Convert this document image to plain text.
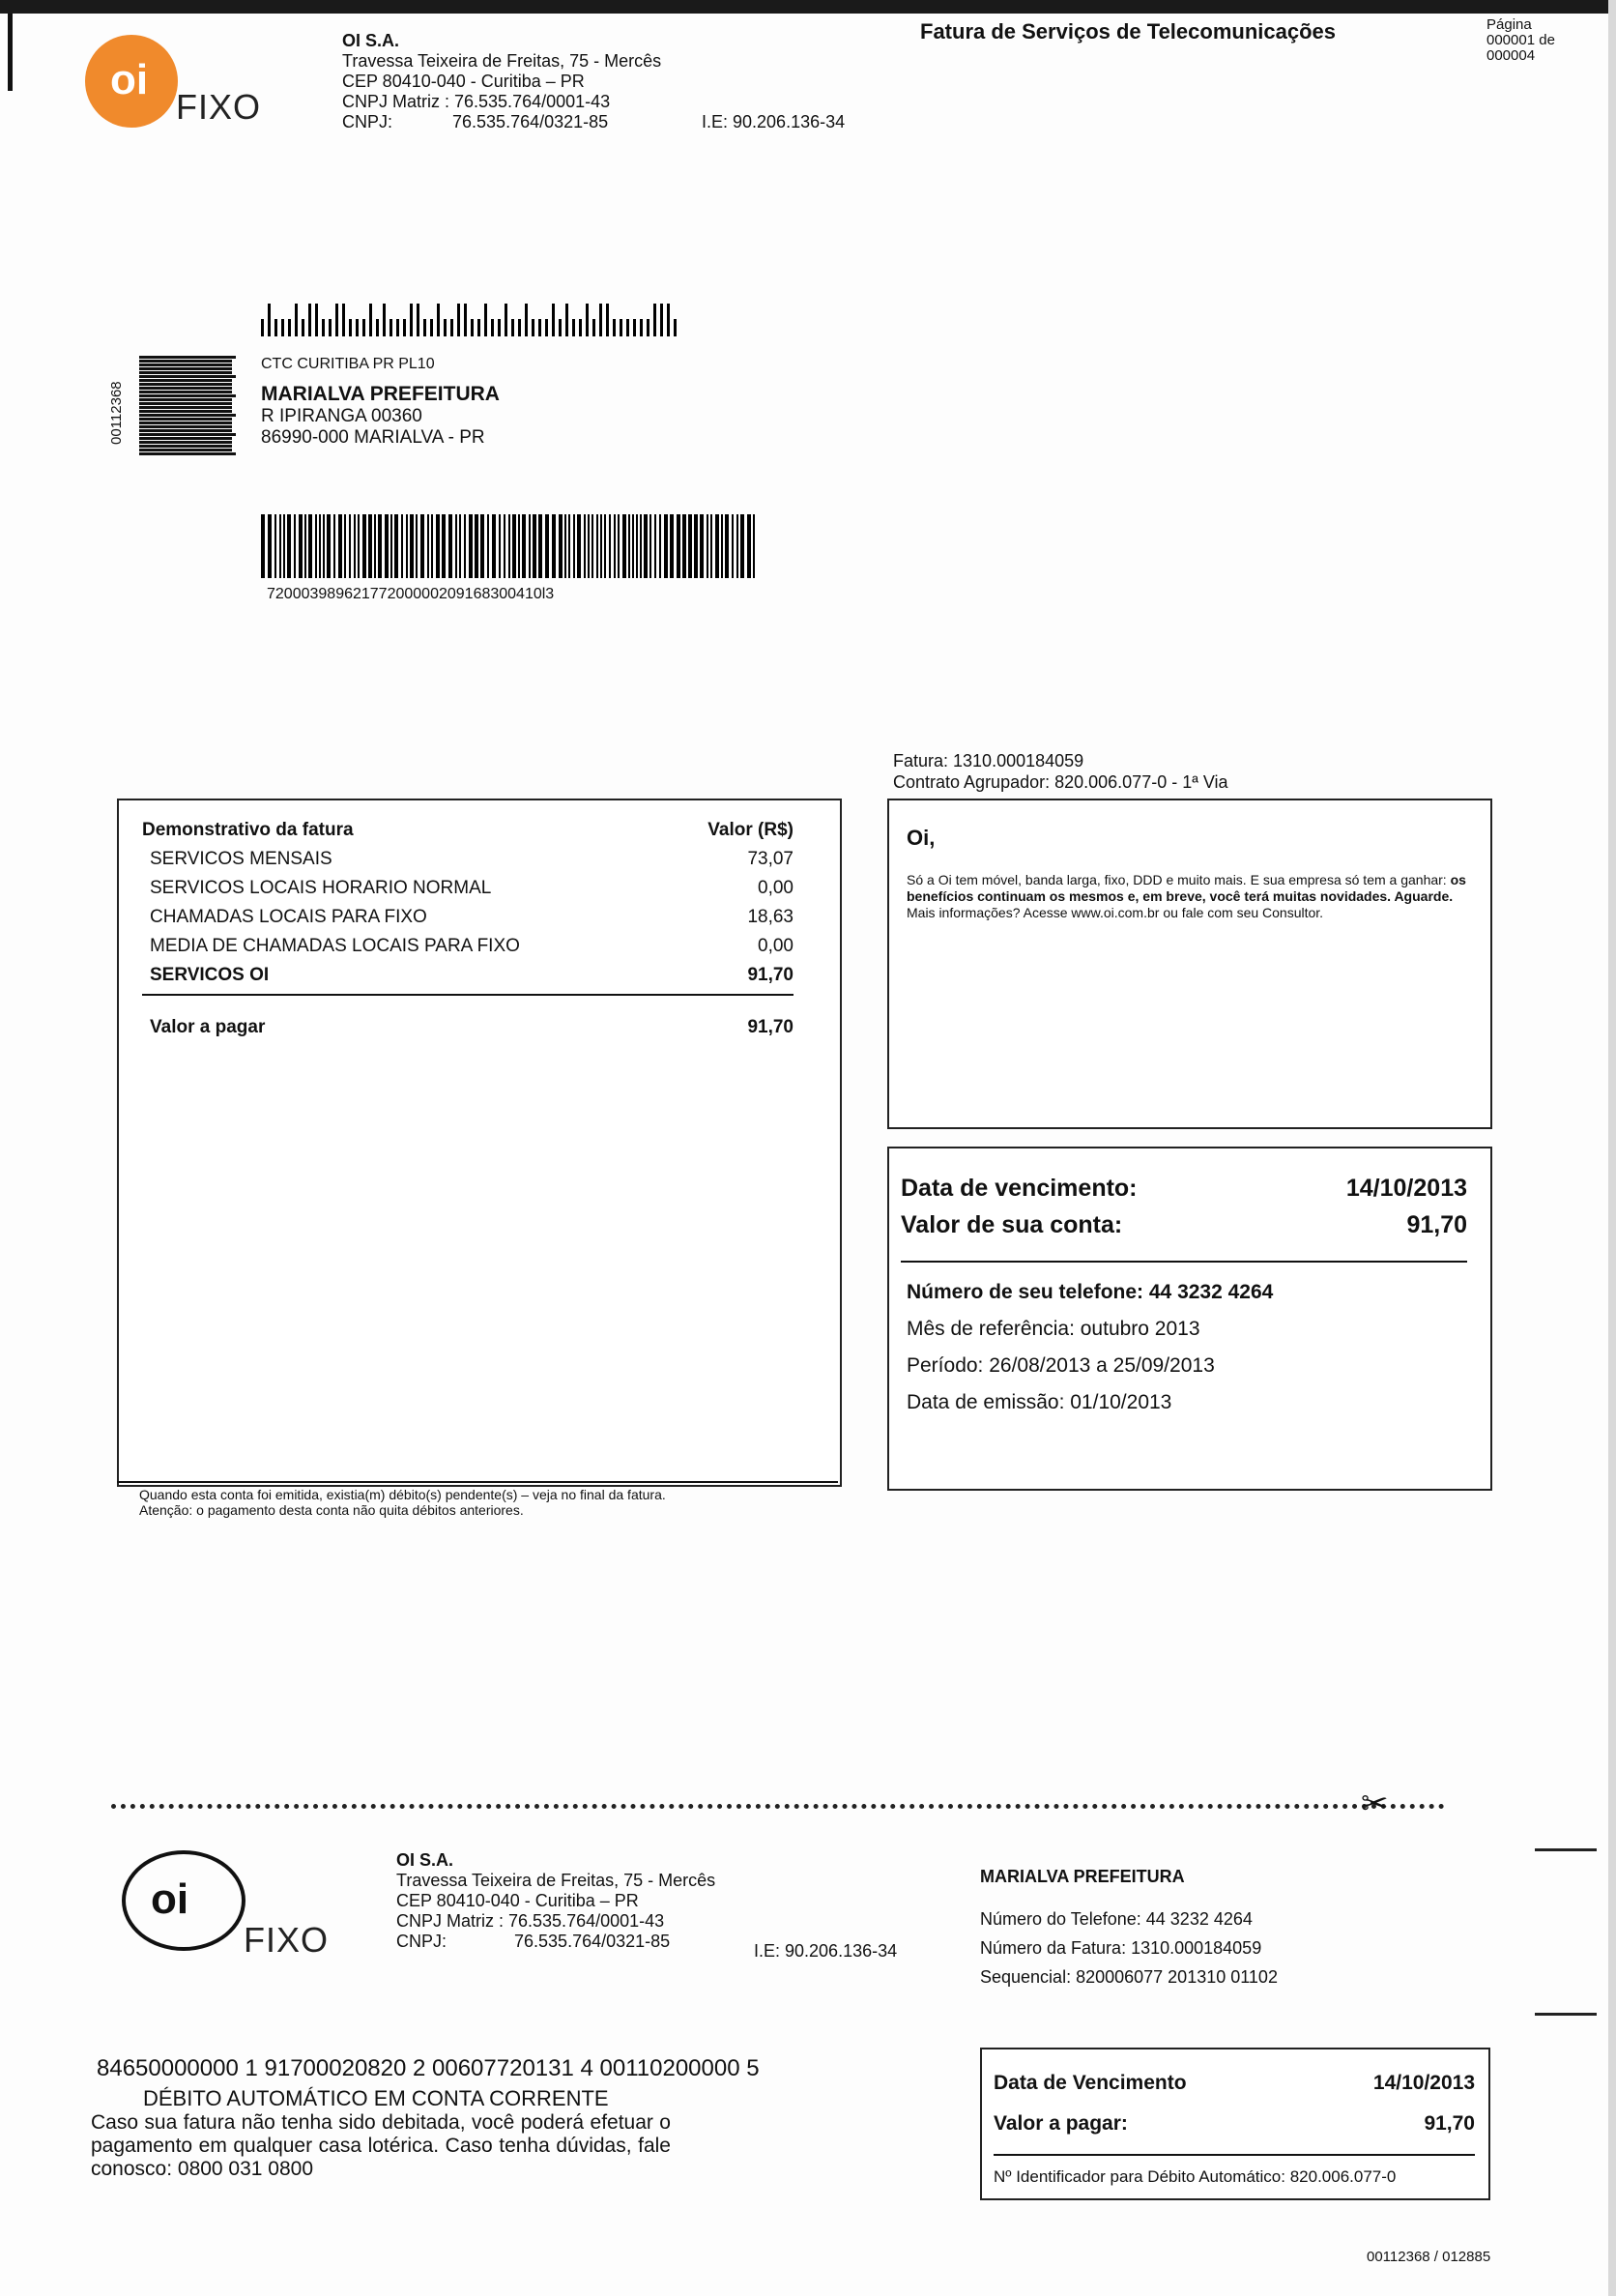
oi
FIXO
OI S.A.
Travessa Teixeira de Freitas, 75 - Mercês
CEP 80410-040 - Curitiba – PR
CNPJ Matriz : 76.535.764/0001-43
CNPJ:	76.535.764/0321-85	I.E: 90.206.136-34
Fatura de Serviços de Telecomunicações	Página
000001 de
000004
00112368
CTC CURITIBA PR PL10
MARIALVA PREFEITURA
R IPIRANGA 00360
86990-000 MARIALVA - PR
72000398962177200000209168300410l3
Fatura: 1310.000184059
Contrato Agrupador: 820.006.077-0 - 1ª Via
Demonstrativo da fatura	Valor (R$)
SERVICOS MENSAIS	73,07
SERVICOS LOCAIS HORARIO NORMAL	0,00
CHAMADAS LOCAIS PARA FIXO	18,63
MEDIA DE CHAMADAS LOCAIS PARA FIXO	0,00
SERVICOS OI	91,70
Valor a pagar	91,70
Quando esta conta foi emitida, existia(m) débito(s) pendente(s) – veja no final da fatura.
Atenção: o pagamento desta conta não quita débitos anteriores.
Oi,
Só a Oi tem móvel, banda larga, fixo, DDD e muito mais. E sua empresa só tem a ganhar: os benefícios continuam os mesmos e, em breve, você terá muitas novidades. Aguarde.
Mais informações? Acesse www.oi.com.br ou fale com seu Consultor.
Data de vencimento:	14/10/2013
Valor de sua conta:	91,70
Número de seu telefone: 44 3232 4264
Mês de referência: outubro 2013
Período: 26/08/2013 a 25/09/2013
Data de emissão: 01/10/2013
✂
oi
FIXO
OI S.A.
Travessa Teixeira de Freitas, 75 - Mercês
CEP 80410-040 - Curitiba – PR
CNPJ Matriz : 76.535.764/0001-43
CNPJ:	76.535.764/0321-85	I.E: 90.206.136-34
MARIALVA PREFEITURA
Número do Telefone: 44 3232 4264
Número da Fatura: 1310.000184059
Sequencial: 820006077 201310 01102
84650000000 1 91700020820 2 00607720131 4 00110200000 5
DÉBITO AUTOMÁTICO EM CONTA CORRENTE
Caso sua fatura não tenha sido debitada, você poderá efetuar o pagamento em qualquer casa lotérica. Caso tenha dúvidas, fale conosco: 0800 031 0800
Data de Vencimento	14/10/2013
Valor a pagar:	91,70
Nº Identificador para Débito Automático: 820.006.077-0
00112368 / 012885
